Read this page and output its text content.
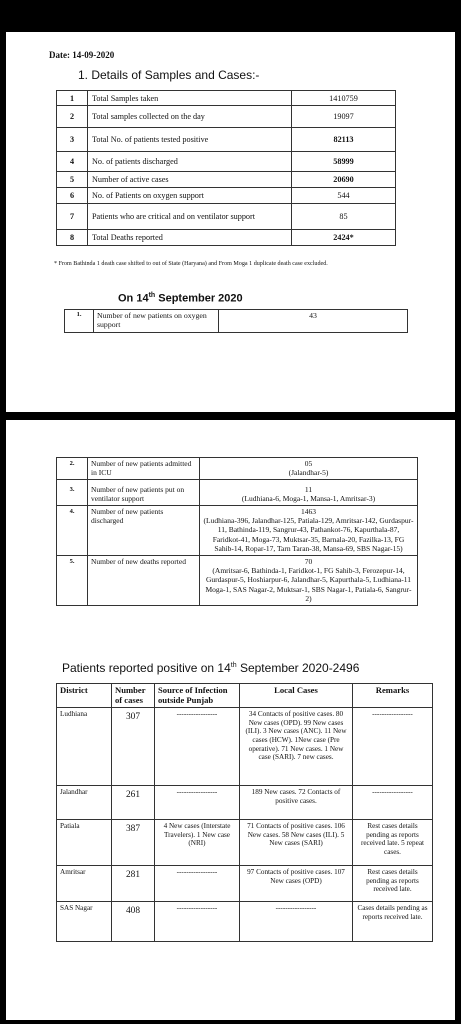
Date: 14-09-2020
1. Details of Samples and Cases:-
1	Total Samples taken	1410759
2	Total samples collected on the day	19097
3	Total No. of patients tested positive	82113
4	No. of patients discharged	58999
5	Number of active cases	20690
6	No. of Patients on oxygen support	544
7	Patients who are critical and on ventilator support	85
8	Total Deaths reported	2424*
* From Bathinda 1 death case shifted to out of State (Haryana) and From Moga 1 duplicate death case excluded.
On 14th September 2020
1.	Number of new patients on oxygen support	43
2.	Number of new patients admitted in ICU	05
(Jalandhar-5)

3.	Number of new patients put on ventilator support	11
(Ludhiana-6, Moga-1, Mansa-1, Amritsar-3)

4.	Number of new patients discharged	1463
(Ludhiana-396, Jalandhar-125, Patiala-129, Amritsar-142, Gurdaspur-11, Bathinda-119, Sangrur-43, Pathankot-76, Kapurthala-87, Faridkot-41, Moga-73, Muktsar-35, Barnala-20, Fazilka-13, FG Sahib-14, Ropar-17, Tarn Taran-38, Mansa-69, SBS Nagar-15)

5.	Number of new deaths reported	70
(Amritsar-6, Bathinda-1, Faridkot-1, FG Sahib-3, Ferozepur-14, Gurdaspur-5, Hoshiarpur-6, Jalandhar-5, Kapurthala-5, Ludhiana-11 Moga-1, SAS Nagar-2, Muktsar-1, SBS Nagar-1, Patiala-6, Sangrur-2)
Patients reported positive on 14th September 2020-2496
District	Number of cases	Source of Infection outside Punjab	Local Cases	Remarks
Ludhiana	307	-----------------	34 Contacts of positive cases. 80 New cases (OPD). 99 New cases (ILI). 3 New cases (ANC). 11 New cases (HCW). 1New case (Pre operative). 71 New cases. 1 New case (SARI). 7 new cases.	-----------------
Jalandhar	261	-----------------	189 New cases. 72 Contacts of positive cases.	-----------------
Patiala	387	4 New cases (Interstate Travelers). 1 New case (NRI)	71 Contacts of positive cases. 106 New cases. 58 New cases (ILI). 5 New cases (SARI)	Rest cases details pending as reports received late. 5 repeat cases.
Amritsar	281	-----------------	97 Contacts of positive cases. 107 New cases (OPD)	Rest cases details pending as reports received late.
SAS Nagar	408	-----------------	-----------------	Cases details pending as reports received late.
